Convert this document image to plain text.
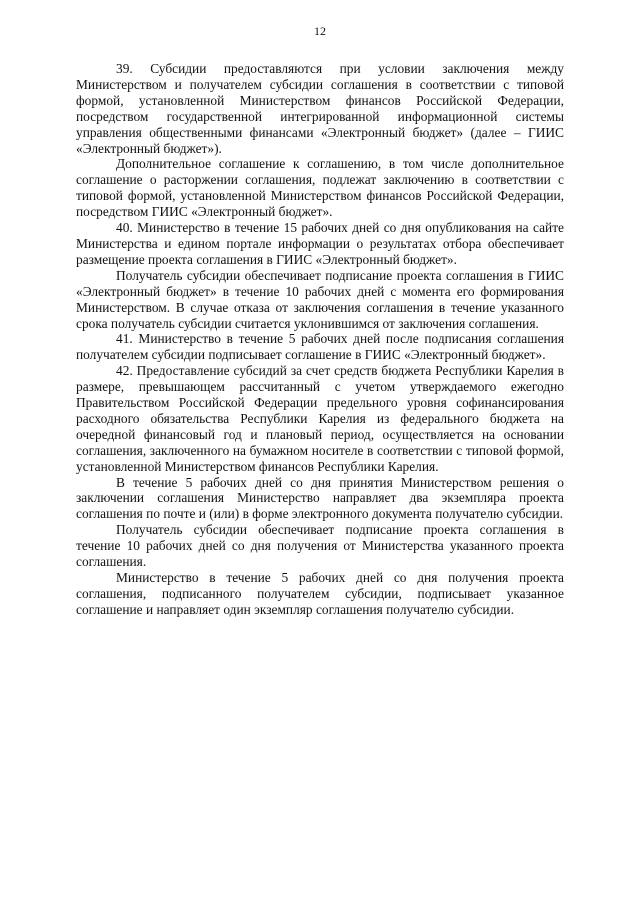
12

39. Субсидии предоставляются при условии заключения между Министерством и получателем субсидии соглашения в соответствии с типовой формой, установленной Министерством финансов Российской Федерации, посредством государственной интегрированной информационной системы управления общественными финансами «Электронный бюджет» (далее – ГИИС «Электронный бюджет»).

Дополнительное соглашение к соглашению, в том числе дополнительное соглашение о расторжении соглашения, подлежат заключению в соответствии с типовой формой, установленной Министерством финансов Российской Федерации, посредством ГИИС «Электронный бюджет».

40. Министерство в течение 15 рабочих дней со дня опубликования на сайте Министерства и едином портале информации о результатах отбора обеспечивает размещение проекта соглашения в ГИИС «Электронный бюджет».

Получатель субсидии обеспечивает подписание проекта соглашения в ГИИС «Электронный бюджет» в течение 10 рабочих дней с момента его формирования Министерством. В случае отказа от заключения соглашения в течение указанного срока получатель субсидии считается уклонившимся от заключения соглашения.

41. Министерство в течение 5 рабочих дней после подписания соглашения получателем субсидии подписывает соглашение в ГИИС «Электронный бюджет».

42. Предоставление субсидий за счет средств бюджета Республики Карелия в размере, превышающем рассчитанный с учетом утверждаемого ежегодно Правительством Российской Федерации предельного уровня софинансирования расходного обязательства Республики Карелия из федерального бюджета на очередной финансовый год и плановый период, осуществляется на основании соглашения, заключенного на бумажном носителе в соответствии с типовой формой, установленной Министерством финансов Республики Карелия.

В течение 5 рабочих дней со дня принятия Министерством решения о заключении соглашения Министерство направляет два экземпляра проекта соглашения по почте и (или) в форме электронного документа получателю субсидии.

Получатель субсидии обеспечивает подписание проекта соглашения в течение 10 рабочих дней со дня получения от Министерства указанного проекта соглашения.

Министерство в течение 5 рабочих дней со дня получения проекта соглашения, подписанного получателем субсидии, подписывает указанное соглашение и направляет один экземпляр соглашения получателю субсидии.
